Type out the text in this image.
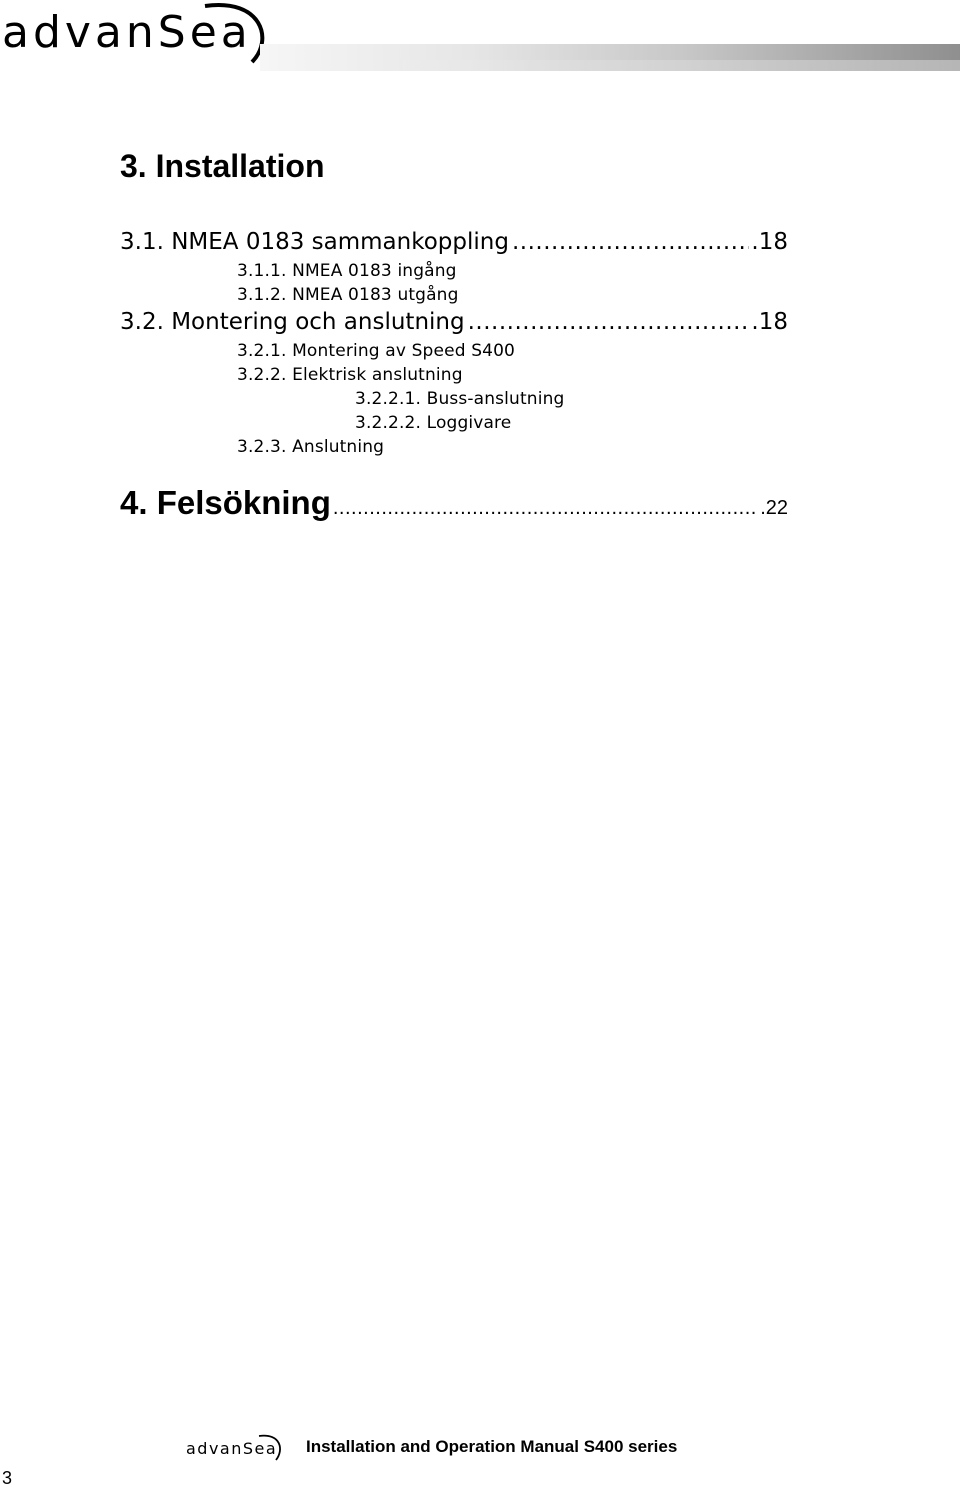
advanSea
3. Installation
3.1. NMEA 0183 sammankoppling .....	.18
3.1.1. NMEA 0183 ingång
3.1.2. NMEA 0183 utgång
3.2. Montering och anslutning .....	.18
3.2.1. Montering av Speed S400
3.2.2. Elektrisk anslutning
3.2.2.1. Buss-anslutning
3.2.2.2. Loggivare
3.2.3. Anslutning
4. Felsökning .....	.22
advanSea Installation and Operation Manual S400 series
3
